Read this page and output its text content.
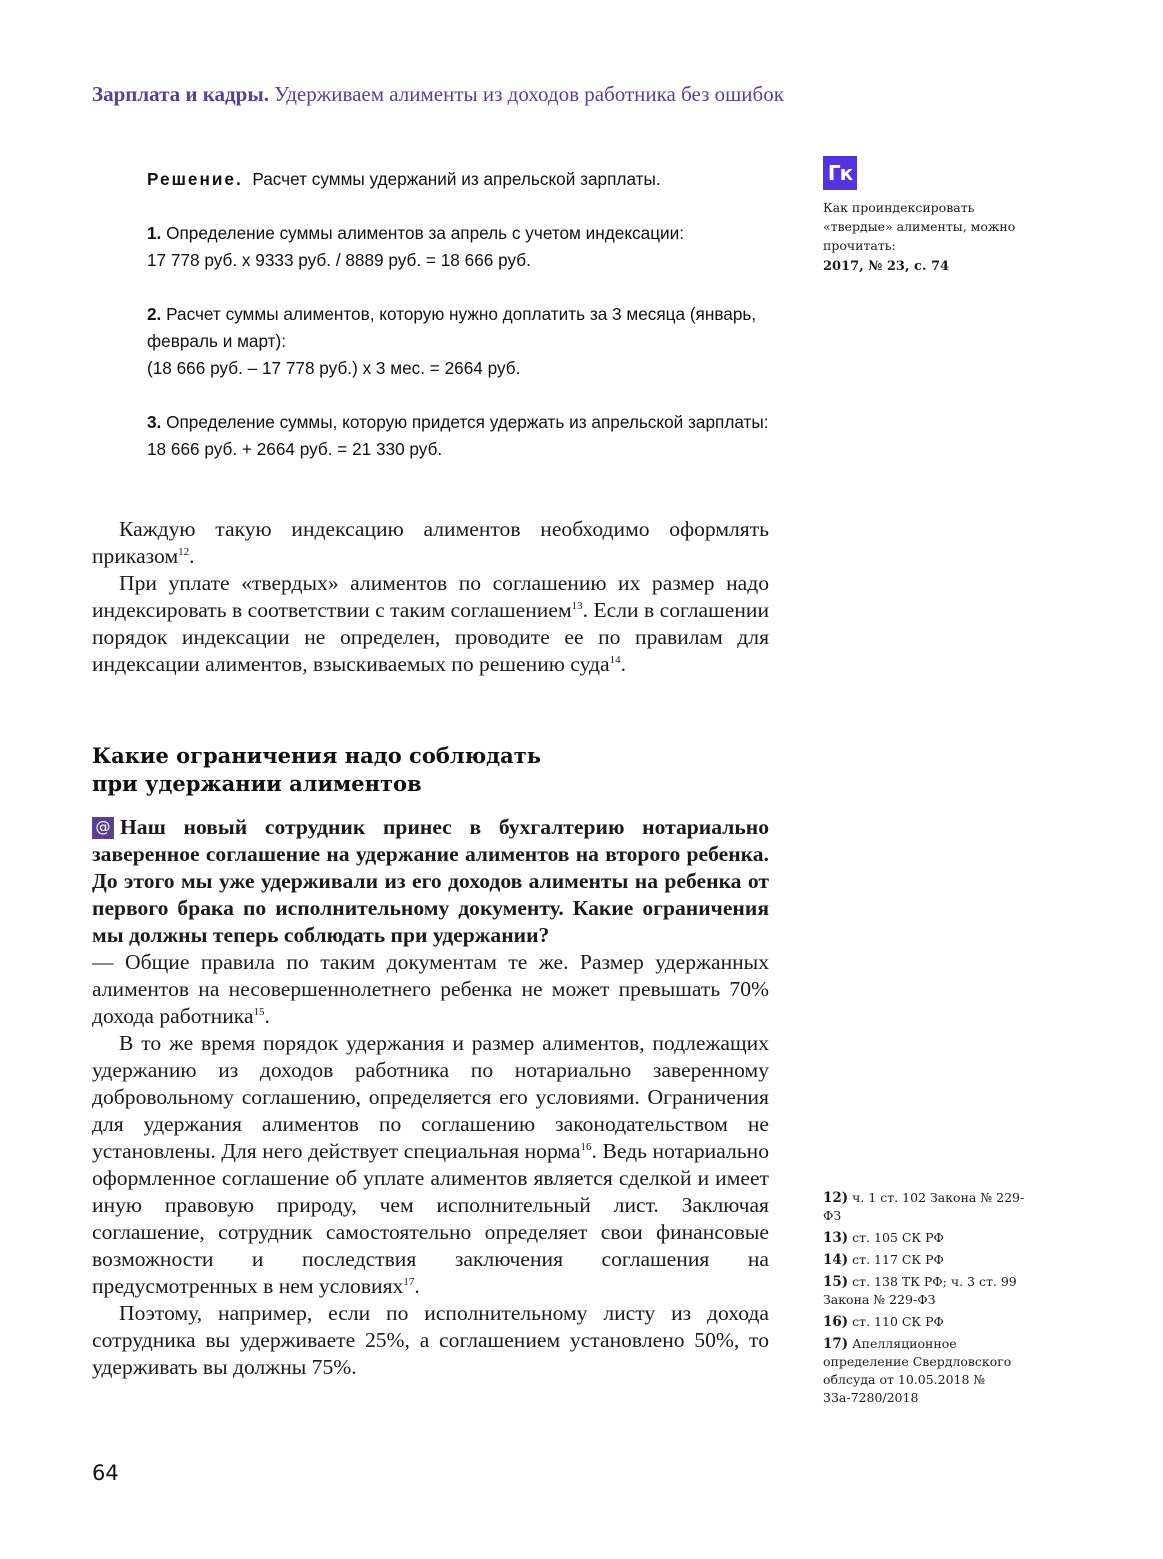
Зарплата и кадры. Удерживаем алименты из доходов работника без ошибок

Решение. Расчет суммы удержаний из апрельской зарплаты.

1. Определение суммы алиментов за апрель с учетом индексации:
17 778 руб. х 9333 руб. / 8889 руб. = 18 666 руб.

2. Расчет суммы алиментов, которую нужно доплатить за 3 месяца (январь, февраль и март):
(18 666 руб. – 17 778 руб.) х 3 мес. = 2664 руб.

3. Определение суммы, которую придется удержать из апрельской зарплаты:
18 666 руб. + 2664 руб. = 21 330 руб.

Каждую такую индексацию алиментов необходимо оформлять приказом$^{12}$.

При уплате «твердых» алиментов по соглашению их размер надо индексировать в соответствии с таким соглашением$^{13}$. Если в соглашении порядок индексации не определен, проводите ее по правилам для индексации алиментов, взыскиваемых по решению суда$^{14}$.

Какие ограничения надо соблюдать
при удержании алиментов

@ Наш новый сотрудник принес в бухгалтерию нотариально заверенное соглашение на удержание алиментов на второго ребенка. До этого мы уже удерживали из его доходов алименты на ребенка от первого брака по исполнительному документу. Какие ограничения мы должны теперь соблюдать при удержании?

— Общие правила по таким документам те же. Размер удержанных алиментов на несовершеннолетнего ребенка не может превышать 70% дохода работника$^{15}$.

В то же время порядок удержания и размер алиментов, подлежащих удержанию из доходов работника по нотариально заверенному добровольному соглашению, определяется его условиями. Ограничения для удержания алиментов по соглашению законодательством не установлены. Для него действует специальная норма$^{16}$. Ведь нотариально оформленное соглашение об уплате алиментов является сделкой и имеет иную правовую природу, чем исполнительный лист. Заключая соглашение, сотрудник самостоятельно определяет свои финансовые возможности и последствия заключения соглашения на предусмотренных в нем условиях$^{17}$.

Поэтому, например, если по исполнительному листу из дохода сотрудника вы удерживаете 25%, а соглашением установлено 50%, то удерживать вы должны 75%.

Гк
Как проиндексировать «твердые» алименты, можно прочитать:
2017, № 23, с. 74
12) ч. 1 ст. 102 Закона № 229-ФЗ
13) ст. 105 СК РФ
14) ст. 117 СК РФ
15) ст. 138 ТК РФ; ч. 3 ст. 99 Закона № 229-ФЗ
16) ст. 110 СК РФ
17) Апелляционное определение Свердловского облсуда от 10.05.2018 № 33а-7280/2018
64
